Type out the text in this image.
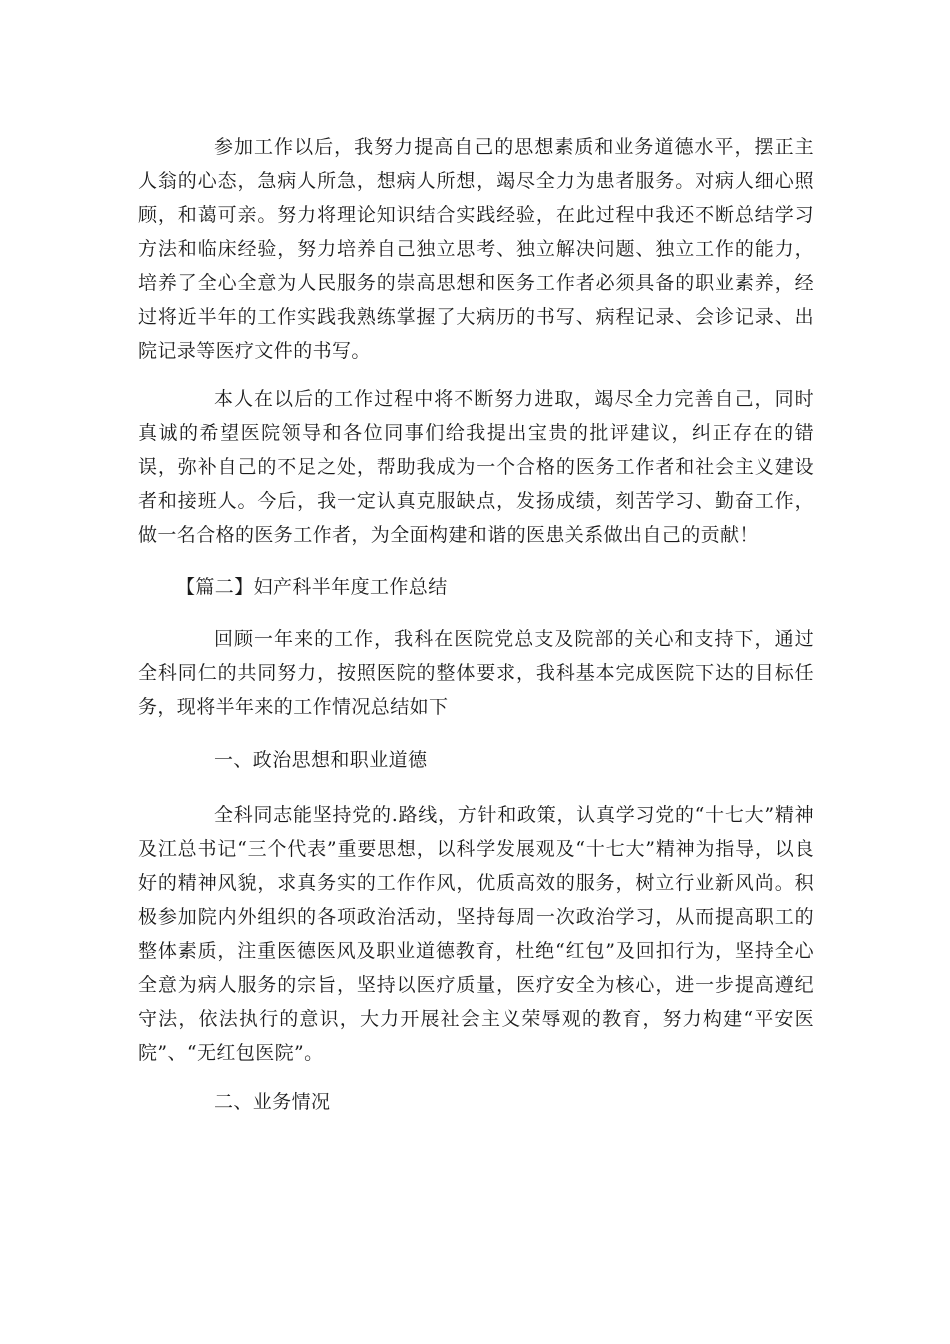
参加工作以后，我努力提高自己的思想素质和业务道德水平，摆正主人翁的心态，急病人所急，想病人所想，竭尽全力为患者服务。对病人细心照顾，和蔼可亲。努力将理论知识结合实践经验，在此过程中我还不断总结学习方法和临床经验，努力培养自己独立思考、独立解决问题、独立工作的能力，培养了全心全意为人民服务的崇高思想和医务工作者必须具备的职业素养，经过将近半年的工作实践我熟练掌握了大病历的书写、病程记录、会诊记录、出院记录等医疗文件的书写。

本人在以后的工作过程中将不断努力进取，竭尽全力完善自己，同时真诚的希望医院领导和各位同事们给我提出宝贵的批评建议，纠正存在的错误，弥补自己的不足之处，帮助我成为一个合格的医务工作者和社会主义建设者和接班人。今后，我一定认真克服缺点，发扬成绩，刻苦学习、勤奋工作，做一名合格的医务工作者，为全面构建和谐的医患关系做出自己的贡献！

【篇二】妇产科半年度工作总结

回顾一年来的工作，我科在医院党总支及院部的关心和支持下，通过全科同仁的共同努力，按照医院的整体要求，我科基本完成医院下达的目标任务，现将半年来的工作情况总结如下

一、政治思想和职业道德

全科同志能坚持党的.路线，方针和政策，认真学习党的“十七大”精神及江总书记“三个代表”重要思想，以科学发展观及“十七大”精神为指导，以良好的精神风貌，求真务实的工作作风，优质高效的服务，树立行业新风尚。积极参加院内外组织的各项政治活动，坚持每周一次政治学习，从而提高职工的整体素质，注重医德医风及职业道德教育，杜绝“红包”及回扣行为，坚持全心全意为病人服务的宗旨，坚持以医疗质量，医疗安全为核心，进一步提高遵纪守法，依法执行的意识，大力开展社会主义荣辱观的教育，努力构建“平安医院”、“无红包医院”。

二、业务情况
